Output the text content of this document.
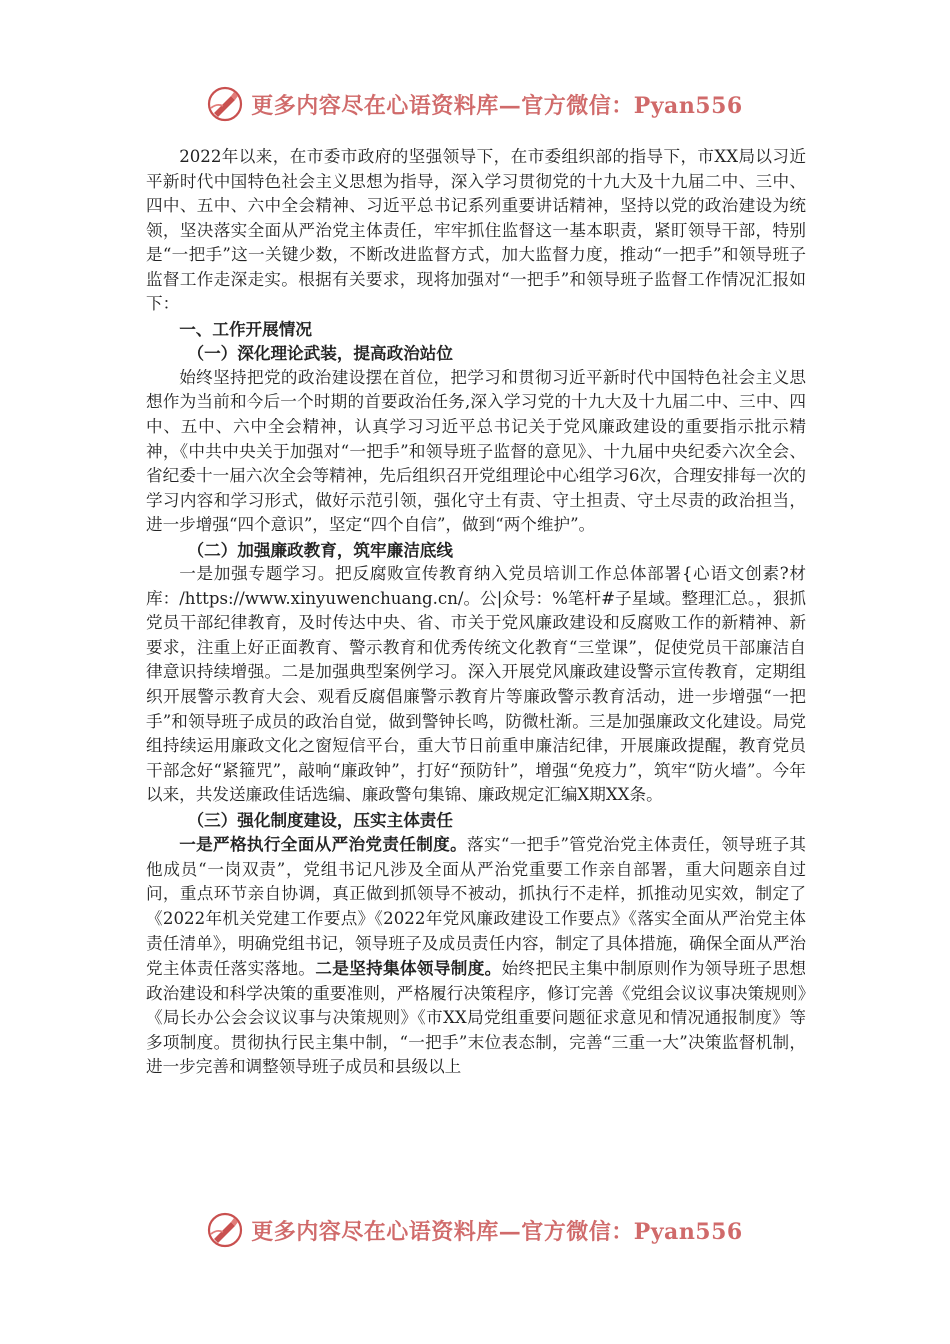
更多内容尽在心语资料库—官方微信：Pyan556

2022年以来，在市委市政府的坚强领导下，在市委组织部的指导下，市XX局以习近平新时代中国特色社会主义思想为指导，深入学习贯彻党的十九大及十九届二中、三中、四中、五中、六中全会精神、习近平总书记系列重要讲话精神，坚持以党的政治建设为统领，坚决落实全面从严治党主体责任，牢牢抓住监督这一基本职责，紧盯领导干部，特别是“一把手”这一关键少数，不断改进监督方式，加大监督力度，推动“一把手”和领导班子监督工作走深走实。根据有关要求，现将加强对“一把手”和领导班子监督工作情况汇报如下：

一、工作开展情况
（一）深化理论武装，提高政治站位

始终坚持把党的政治建设摆在首位，把学习和贯彻习近平新时代中国特色社会主义思想作为当前和今后一个时期的首要政治任务,深入学习党的十九大及十九届二中、三中、四中、五中、六中全会精神，认真学习习近平总书记关于党风廉政建设的重要指示批示精神，《中共中央关于加强对“一把手”和领导班子监督的意见》、十九届中央纪委六次全会、省纪委十一届六次全会等精神，先后组织召开党组理论中心组学习6次，合理安排每一次的学习内容和学习形式，做好示范引领，强化守土有责、守土担责、守土尽责的政治担当，进一步增强“四个意识”，坚定“四个自信”，做到“两个维护”。

（二）加强廉政教育，筑牢廉洁底线

一是加强专题学习。把反腐败宣传教育纳入党员培训工作总体部署{心语文创素?材库：/https://www.xinyuwenchuang.cn/。公|众号：%笔杆#子星域。整理汇总。，狠抓党员干部纪律教育，及时传达中央、省、市关于党风廉政建设和反腐败工作的新精神、新要求，注重上好正面教育、警示教育和优秀传统文化教育“三堂课”，促使党员干部廉洁自律意识持续增强。二是加强典型案例学习。深入开展党风廉政建设警示宣传教育，定期组织开展警示教育大会、观看反腐倡廉警示教育片等廉政警示教育活动，进一步增强“一把手”和领导班子成员的政治自觉，做到警钟长鸣，防微杜渐。三是加强廉政文化建设。局党组持续运用廉政文化之窗短信平台，重大节日前重申廉洁纪律，开展廉政提醒，教育党员干部念好“紧箍咒”，敲响“廉政钟”，打好“预防针”，增强“免疫力”，筑牢“防火墙”。今年以来，共发送廉政佳话选编、廉政警句集锦、廉政规定汇编X期XX条。

（三）强化制度建设，压实主体责任

一是严格执行全面从严治党责任制度。落实“一把手”管党治党主体责任，领导班子其他成员“一岗双责”，党组书记凡涉及全面从严治党重要工作亲自部署，重大问题亲自过问，重点环节亲自协调，真正做到抓领导不被动，抓执行不走样，抓推动见实效，制定了《2022年机关党建工作要点》《2022年党风廉政建设工作要点》《落实全面从严治党主体责任清单》，明确党组书记，领导班子及成员责任内容，制定了具体措施，确保全面从严治党主体责任落实落地。二是坚持集体领导制度。始终把民主集中制原则作为领导班子思想政治建设和科学决策的重要准则，严格履行决策程序，修订完善《党组会议议事决策规则》《局长办公会会议议事与决策规则》《市XX局党组重要问题征求意见和情况通报制度》等多项制度。贯彻执行民主集中制，“一把手”末位表态制，完善“三重一大”决策监督机制，进一步完善和调整领导班子成员和县级以上

更多内容尽在心语资料库—官方微信：Pyan556
